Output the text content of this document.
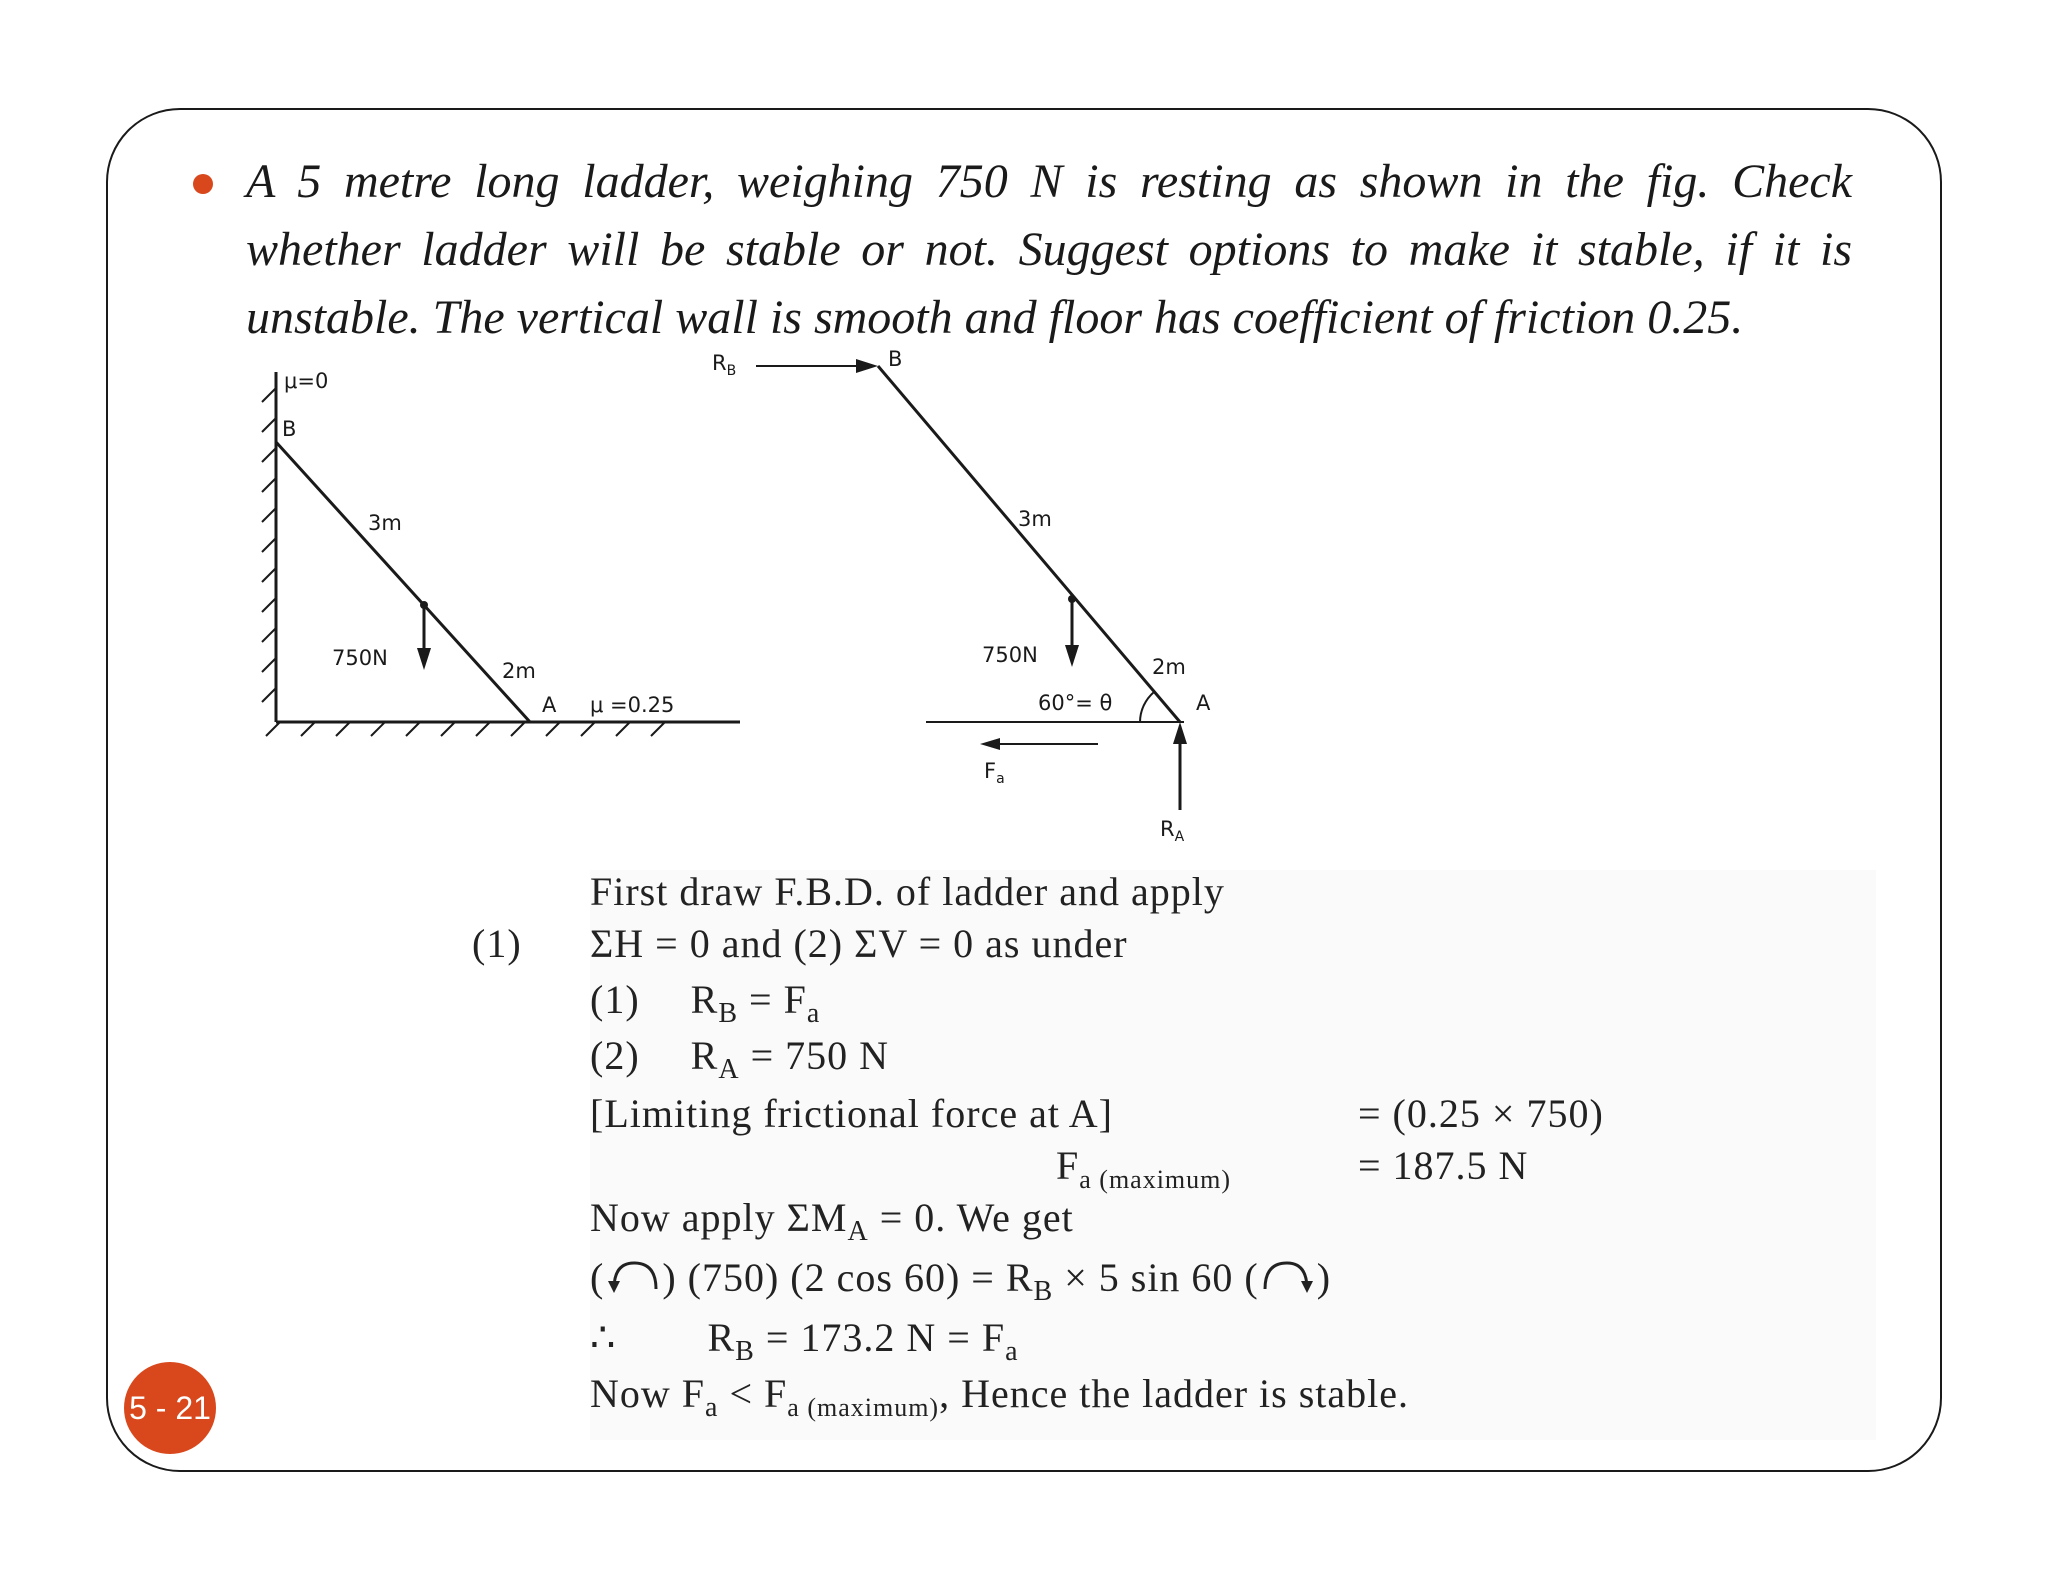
A 5 metre long ladder, weighing 750 N is resting as shown in the fig. Check whether ladder will be stable or not. Suggest options to make it stable, if it is unstable. The vertical wall is smooth and floor has coefficient of friction 0.25.

μ=0
B
3m
750N
2m
A μ =0.25
$R_B$	B
750N
3m
2m
60°= θ	A
$F_a$
$R_A$
First draw F.B.D. of ladder and apply
(1) ΣH = 0 and (2) ΣV = 0 as under
(1) $R_B = F_a$
(2) $R_A = 750$ N
[Limiting frictional force at A]	= (0.25 × 750)
$F_{a (maximum)}$	= 187.5 N
Now apply $\Sigma M_A = 0$. We get
( ) (750) (2 $\cos 60) = R_B \times 5$ sin 60 ( )
∴ $R_B = 173.2$ $N = F_a$
Now $F_a < F_{a (maximum)}$, Hence the ladder is stable.
5 - 21
